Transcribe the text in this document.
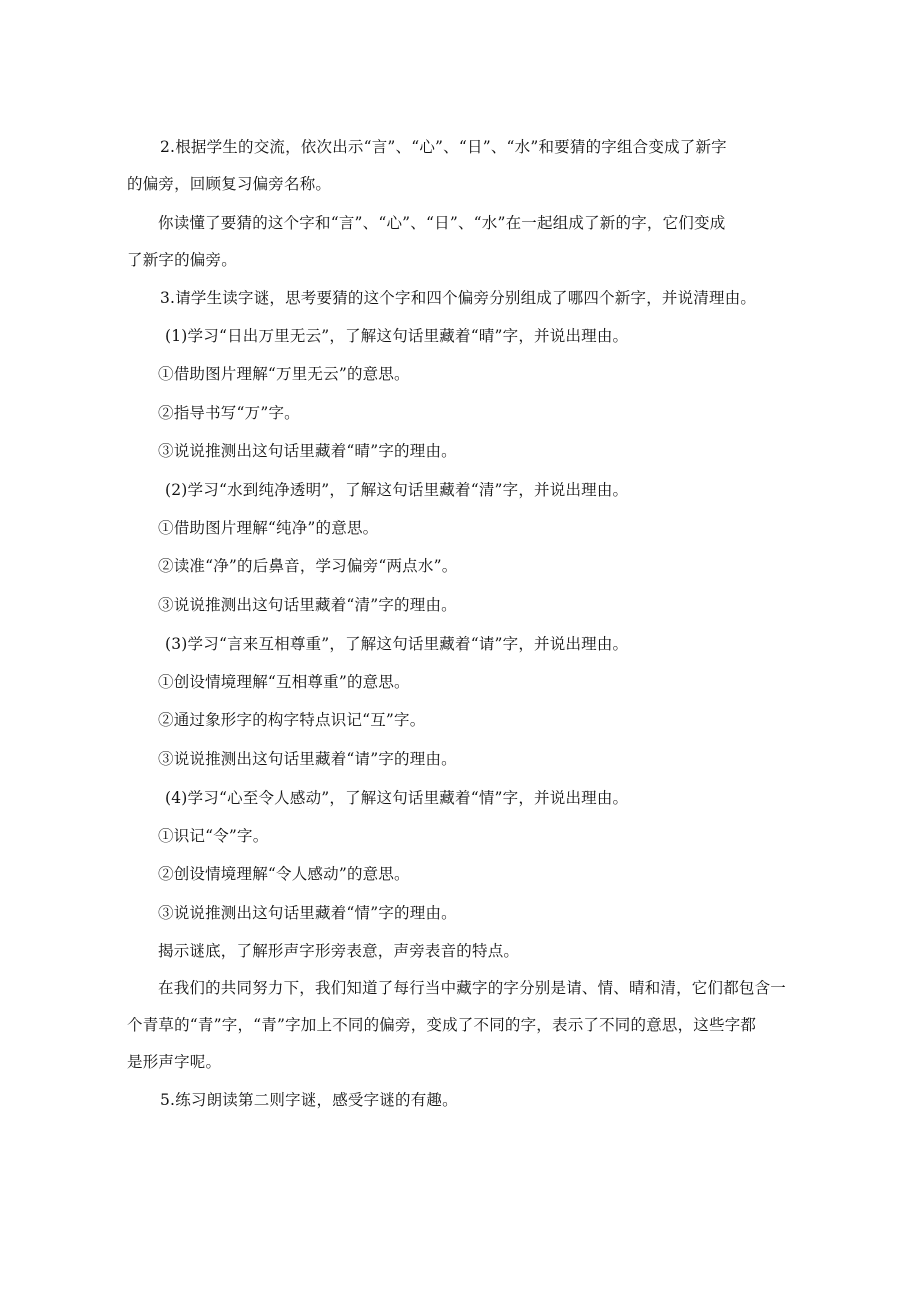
2.根据学生的交流，依次出示“言”、“心”、“日”、“水”和要猜的字组合变成了新字
的偏旁，回顾复习偏旁名称。
你读懂了要猜的这个字和“言”、“心”、“日”、“水”在一起组成了新的字，它们变成
了新字的偏旁。
3.请学生读字谜，思考要猜的这个字和四个偏旁分别组成了哪四个新字，并说清理由。
(1)学习“日出万里无云”，了解这句话里藏着“晴”字，并说出理由。
①借助图片理解“万里无云”的意思。
②指导书写“万”字。
③说说推测出这句话里藏着“晴”字的理由。
(2)学习“水到纯净透明”，了解这句话里藏着“清”字，并说出理由。
①借助图片理解“纯净”的意思。
②读准“净”的后鼻音，学习偏旁“两点水”。
③说说推测出这句话里藏着“清”字的理由。
(3)学习“言来互相尊重”，了解这句话里藏着“请”字，并说出理由。
①创设情境理解“互相尊重”的意思。
②通过象形字的构字特点识记“互”字。
③说说推测出这句话里藏着“请”字的理由。
(4)学习“心至令人感动”，了解这句话里藏着“情”字，并说出理由。
①识记“令”字。
②创设情境理解“令人感动”的意思。
③说说推测出这句话里藏着“情”字的理由。
揭示谜底，了解形声字形旁表意，声旁表音的特点。
在我们的共同努力下，我们知道了每行当中藏字的字分别是请、情、晴和清，它们都包含一
个青草的“青”字，“青”字加上不同的偏旁，变成了不同的字，表示了不同的意思，这些字都
是形声字呢。
5.练习朗读第二则字谜，感受字谜的有趣。
